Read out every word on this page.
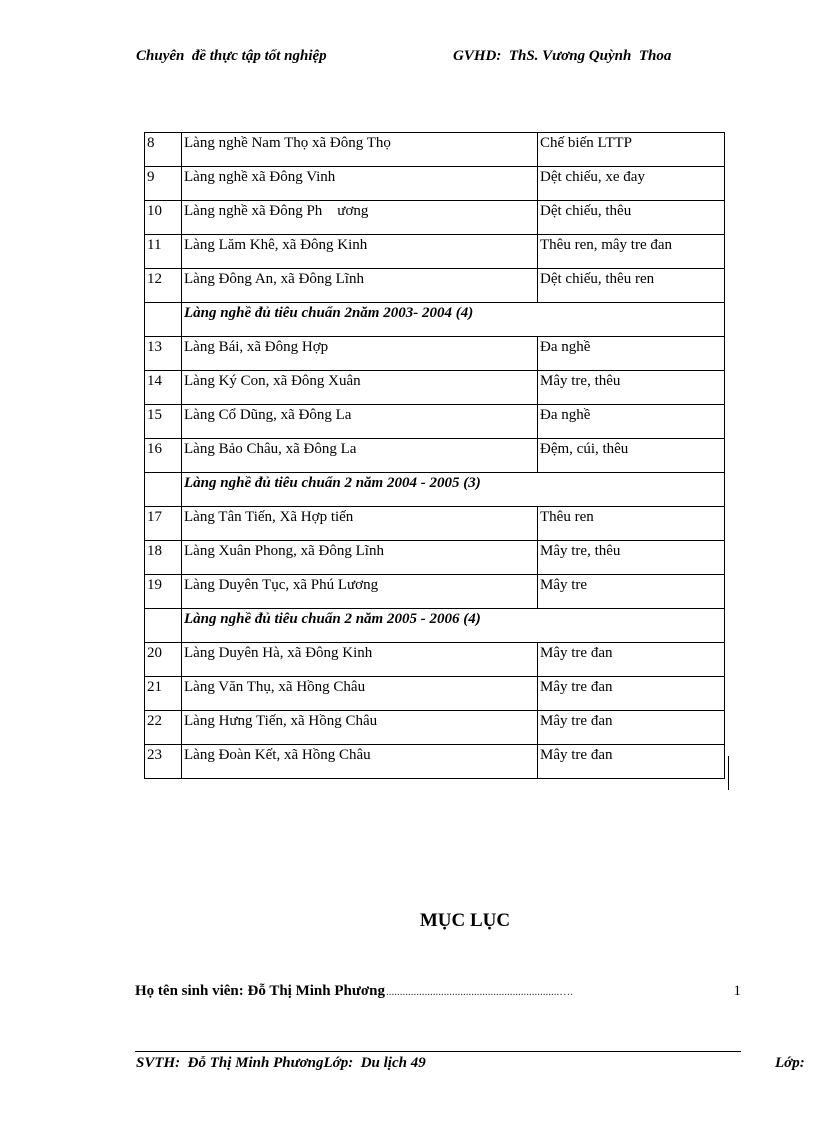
Chuyên  đề thực tập tốt nghiệp	GVHD:  ThS. Vương Quỳnh  Thoa
8	Làng nghề Nam Thọ xã Đông Thọ	Chế biến LTTP
9	Làng nghề xã Đông Vinh	Dệt chiếu, xe đay
10	Làng nghề xã Đông Ph    ương	Dệt chiếu, thêu
11	Làng Lăm Khê, xã Đông Kinh	Thêu ren, mây tre đan
12	Làng Đông An, xã Đông Lĩnh	Dệt chiếu, thêu ren
	Làng nghề đủ tiêu chuẩn 2năm 2003- 2004 (4)	
13	Làng Bái, xã Đông Hợp	Đa nghề
14	Làng Ký Con, xã Đông Xuân	Mây tre, thêu
15	Làng Cổ Dũng, xã Đông La	Đa nghề
16	Làng Bảo Châu, xã Đông La	Đệm, cúi, thêu
	Làng nghề đủ tiêu chuẩn 2 năm 2004 - 2005 (3)	
17	Làng Tân Tiến, Xã Hợp tiến	Thêu ren
18	Làng Xuân Phong, xã Đông Lĩnh	Mây tre, thêu
19	Làng Duyên Tục, xã Phú Lương	Mây tre
	Làng nghề đủ tiêu chuẩn 2 năm 2005 - 2006 (4)	
20	Làng Duyên Hà, xã Đông Kinh	Mây tre đan
21	Làng Văn Thụ, xã Hồng Châu	Mây tre đan
22	Làng Hưng Tiến, xã Hồng Châu	Mây tre đan
23	Làng Đoàn Kết, xã Hồng Châu	Mây tre đan
MỤC LỤC
Họ tên sinh viên: Đỗ Thị Minh Phương ...............................................................….	1
SVTH:  Đỗ Thị Minh PhươngLớp:  Du lịch 49	Lớp:
